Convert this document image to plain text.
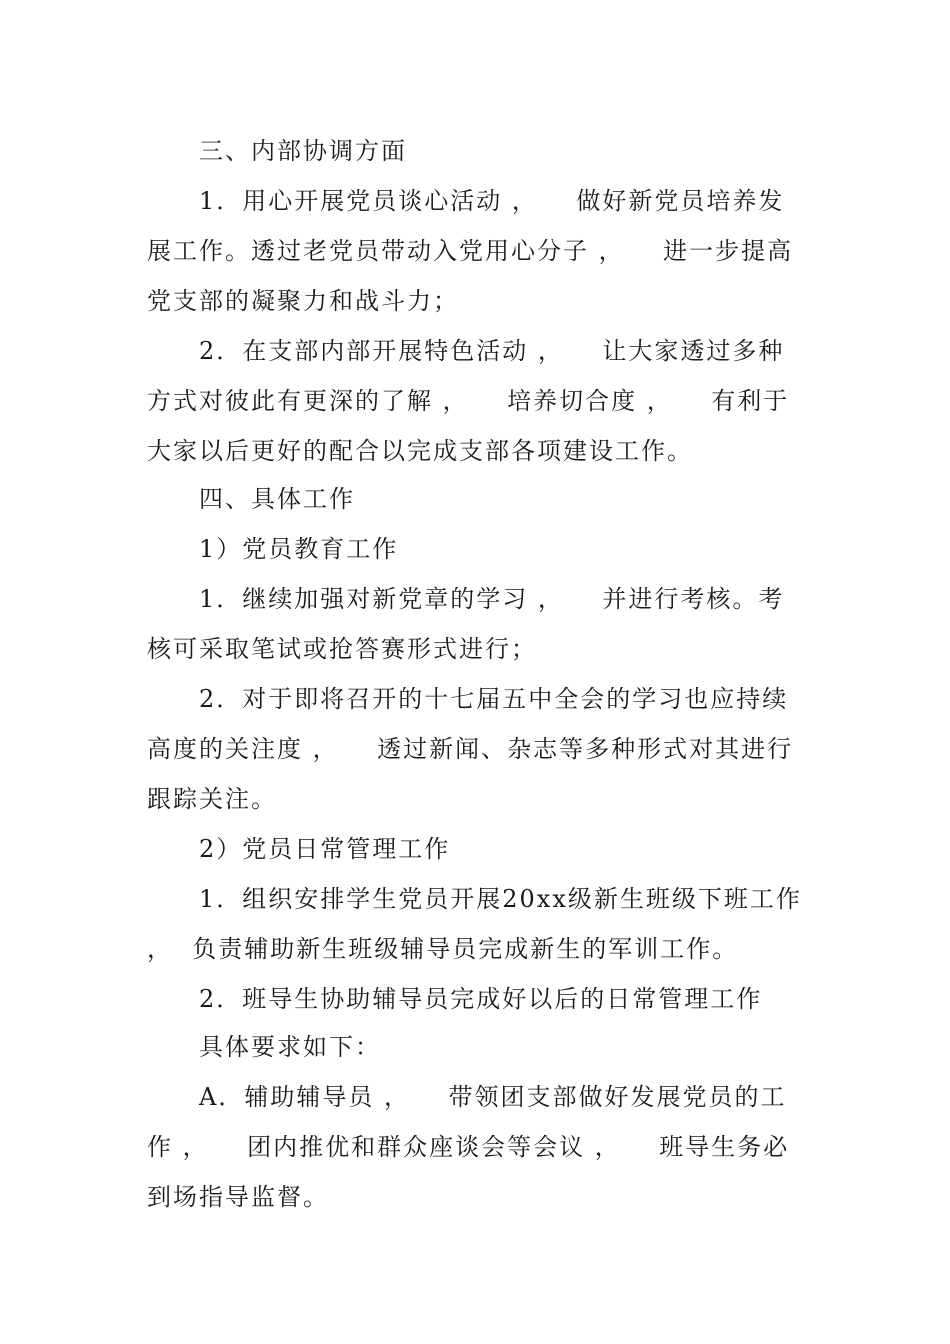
三、内部协调方面
1．用心开展党员谈心活动 ，    做好新党员培养发
展工作。透过老党员带动入党用心分子 ，    进一步提高
党支部的凝聚力和战斗力；
2．在支部内部开展特色活动 ，    让大家透过多种
方式对彼此有更深的了解 ，    培养切合度 ，    有利于
大家以后更好的配合以完成支部各项建设工作。
四、具体工作
1）党员教育工作
1．继续加强对新党章的学习 ，    并进行考核。考
核可采取笔试或抢答赛形式进行；
2．对于即将召开的十七届五中全会的学习也应持续
高度的关注度 ，    透过新闻、杂志等多种形式对其进行
跟踪关注。
2）党员日常管理工作
1．组织安排学生党员开展20xx级新生班级下班工作
，  负责辅助新生班级辅导员完成新生的军训工作。
2．班导生协助辅导员完成好以后的日常管理工作
具体要求如下：
A．辅助辅导员 ，    带领团支部做好发展党员的工
作 ，    团内推优和群众座谈会等会议 ，    班导生务必
到场指导监督。
